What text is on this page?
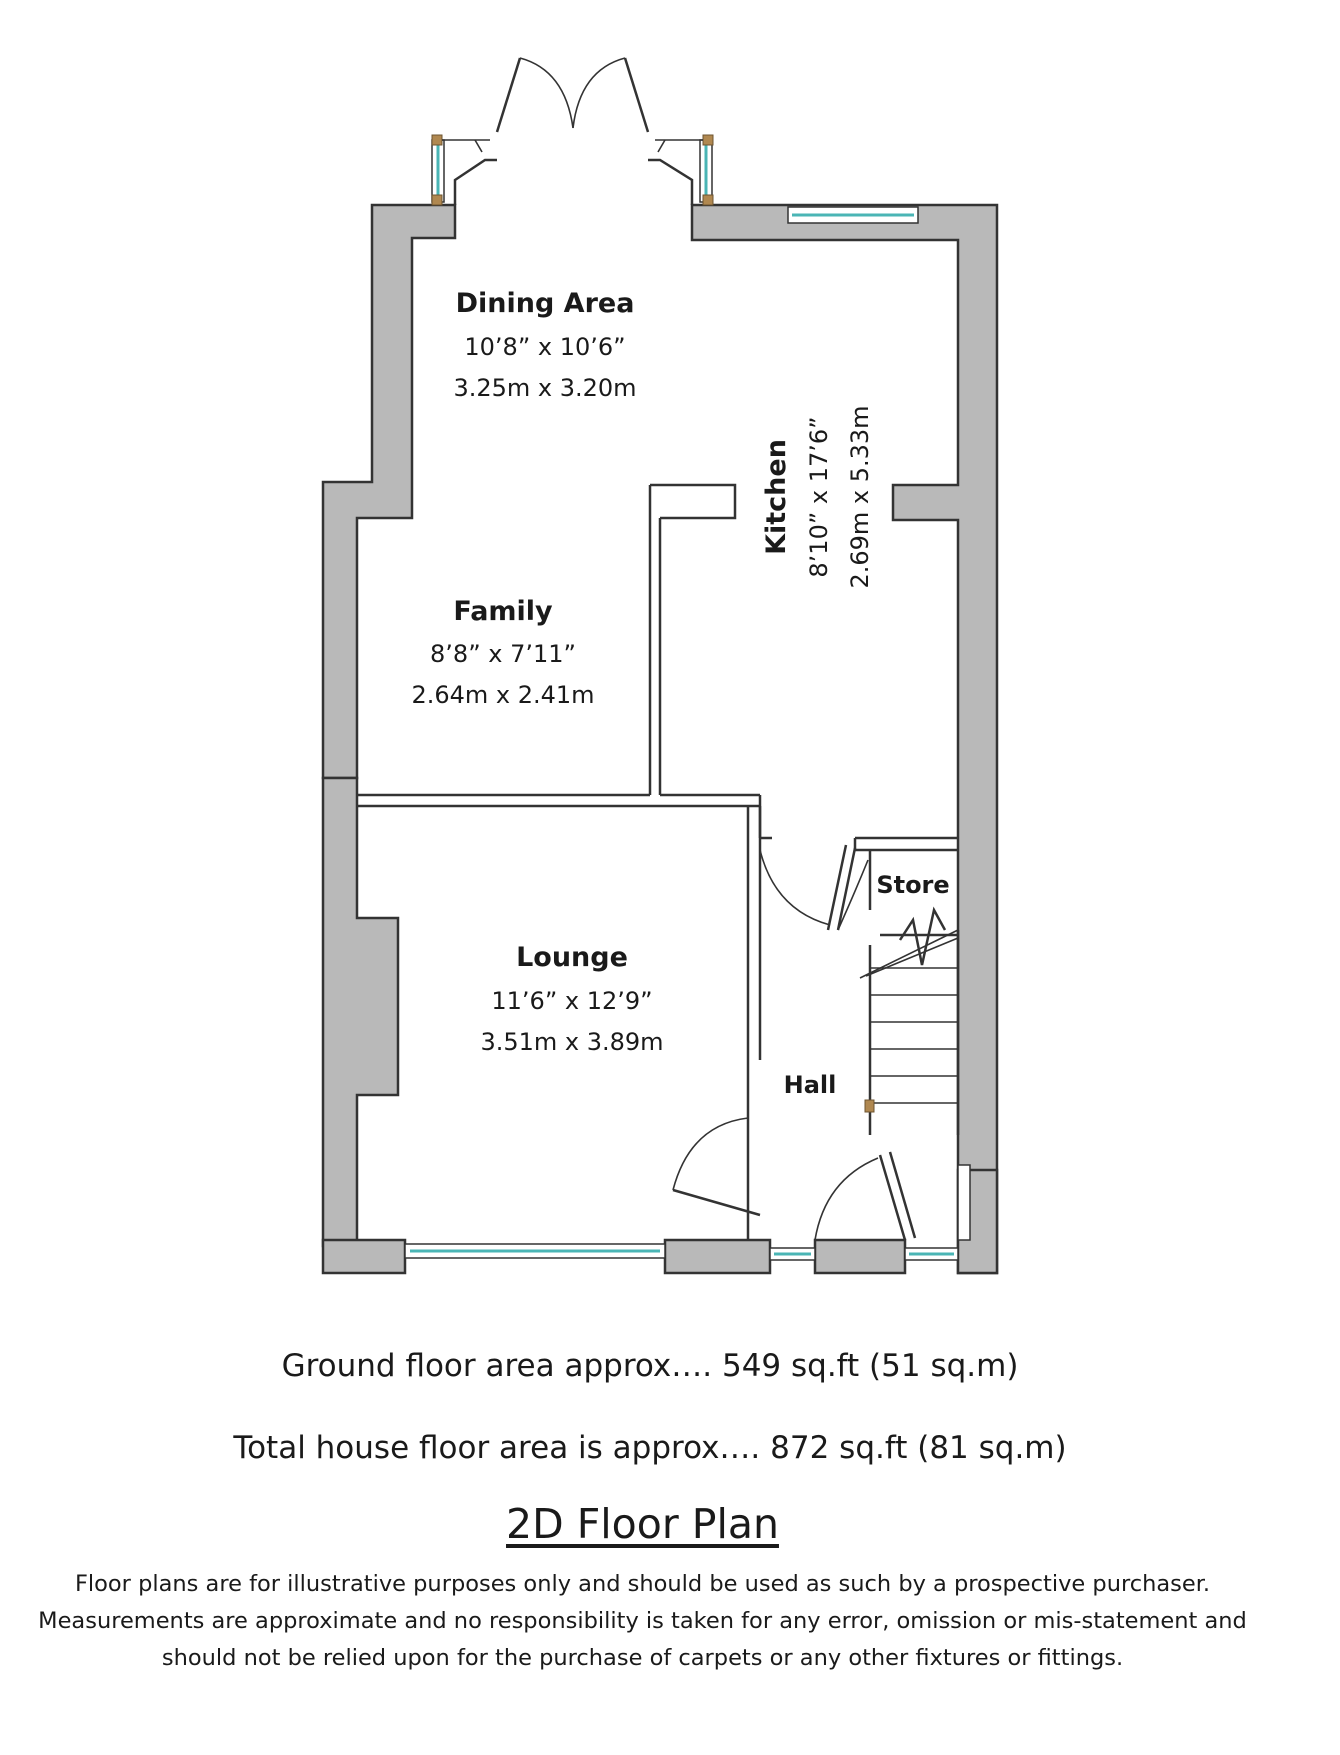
Dining Area
10’8” x 10’6”
3.25m x 3.20m
Kitchen 8’10” x 17’6” 2.69m x 5.33m
Family
8’8” x 7’11”
2.64m x 2.41m
Lounge
11’6” x 12’9”
3.51m x 3.89m
Store
Hall
Ground floor area approx…. 549 sq.ft (51 sq.m)
Total house floor area is approx…. 872 sq.ft (81 sq.m)
2D Floor Plan
Floor plans are for illustrative purposes only and should be used as such by a prospective purchaser.
Measurements are approximate and no responsibility is taken for any error, omission or mis-statement and
should not be relied upon for the purchase of carpets or any other fixtures or fittings.
